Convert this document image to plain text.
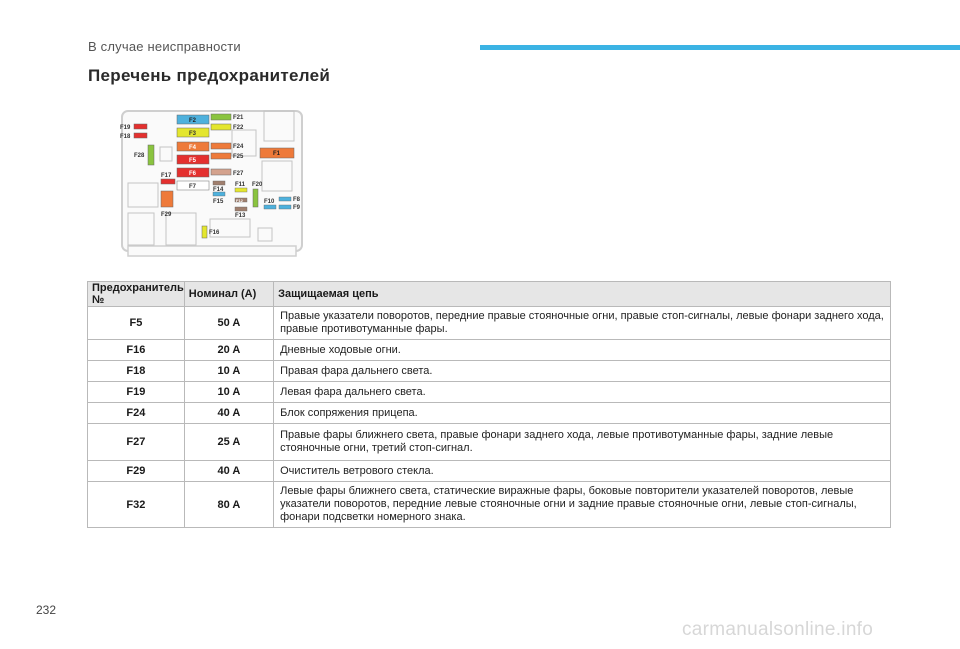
В случае неисправности
Перечень предохранителей
F19
F18
F28
F2
F3
F4
F5
F6
F7
F21
F22
F24
F25
F27
F1
F17
F29
F14
F15
F11
F12
F13
F20
F10	F8
F9
F16
Предохранитель №	Номинал (A)	Защищаемая цепь
F5	50 A	Правые указатели поворотов, передние правые стояночные огни, правые стоп-сигналы, левые фонари заднего хода, правые противотуманные фары.
F16	20 A	Дневные ходовые огни.
F18	10 A	Правая фара дальнего света.
F19	10 A	Левая фара дальнего света.
F24	40 A	Блок сопряжения прицепа.
F27	25 A	Правые фары ближнего света, правые фонари заднего хода, левые противотуманные фары, задние левые стояночные огни, третий стоп-сигнал.
F29	40 A	Очиститель ветрового стекла.
F32	80 A	Левые фары ближнего света, статические виражные фары, боковые повторители указателей поворотов, левые указатели поворотов, передние левые стояночные огни и задние правые стояночные огни, левые стоп-сигналы, фонари подсветки номерного знака.
232
carmanualsonline.info
